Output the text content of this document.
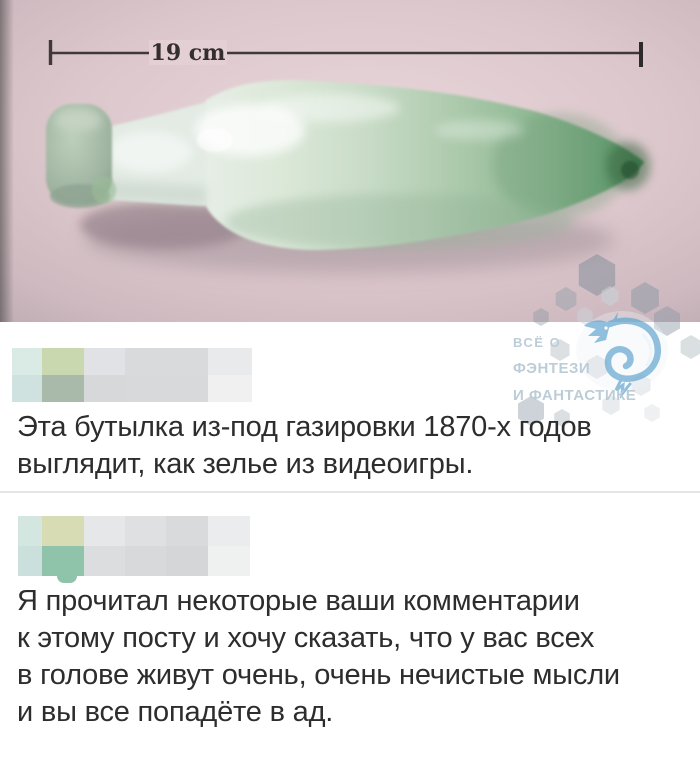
19 cm
ВСЁ О
ФЭНТЕЗИ
И ФАНТАСТИКЕ
Эта бутылка из-под газировки 1870-х годов
выглядит, как зелье из видеоигры.
Я прочитал некоторые ваши комментарии
к этому посту и хочу сказать, что у вас всех
в голове живут очень, очень нечистые мысли
и вы все попадёте в ад.
